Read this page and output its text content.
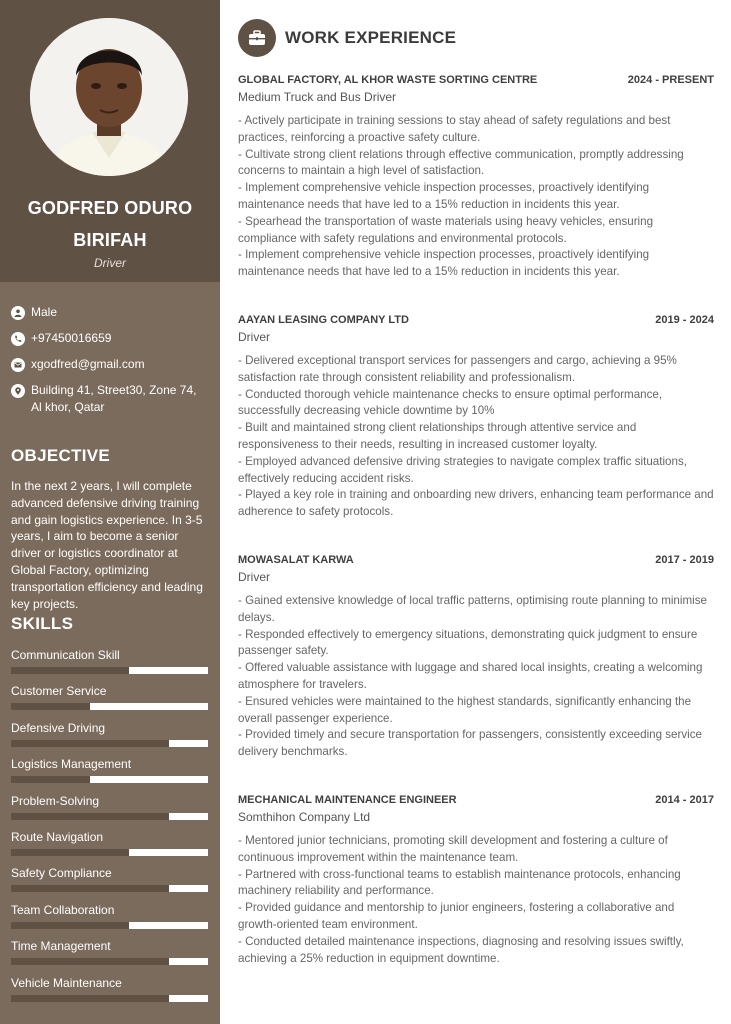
GODFRED ODURO
BIRIFAH
Driver
Male
+97450016659
xgodfred@gmail.com
Building 41, Street30, Zone 74,
Al khor, Qatar
OBJECTIVE
In the next 2 years, I will complete advanced defensive driving training and gain logistics experience. In 3-5 years, I aim to become a senior driver or logistics coordinator at Global Factory, optimizing transportation efficiency and leading key projects.
SKILLS
Communication Skill
Customer Service
Defensive Driving
Logistics Management
Problem-Solving
Route Navigation
Safety Compliance
Team Collaboration
Time Management
Vehicle Maintenance
WORK EXPERIENCE
GLOBAL FACTORY, AL KHOR WASTE SORTING CENTRE	2024 - PRESENT
Medium Truck and Bus Driver
- Actively participate in training sessions to stay ahead of safety regulations and best practices, reinforcing a proactive safety culture.
- Cultivate strong client relations through effective communication, promptly addressing concerns to maintain a high level of satisfaction.
- Implement comprehensive vehicle inspection processes, proactively identifying maintenance needs that have led to a 15% reduction in incidents this year.
- Spearhead the transportation of waste materials using heavy vehicles, ensuring compliance with safety regulations and environmental protocols.
- Implement comprehensive vehicle inspection processes, proactively identifying maintenance needs that have led to a 15% reduction in incidents this year.
AAYAN LEASING COMPANY LTD	2019 - 2024
Driver
- Delivered exceptional transport services for passengers and cargo, achieving a 95% satisfaction rate through consistent reliability and professionalism.
- Conducted thorough vehicle maintenance checks to ensure optimal performance, successfully decreasing vehicle downtime by 10%
- Built and maintained strong client relationships through attentive service and responsiveness to their needs, resulting in increased customer loyalty.
- Employed advanced defensive driving strategies to navigate complex traffic situations, effectively reducing accident risks.
- Played a key role in training and onboarding new drivers, enhancing team performance and adherence to safety protocols.
MOWASALAT KARWA	2017 - 2019
Driver
- Gained extensive knowledge of local traffic patterns, optimising route planning to minimise delays.
- Responded effectively to emergency situations, demonstrating quick judgment to ensure passenger safety.
- Offered valuable assistance with luggage and shared local insights, creating a welcoming atmosphere for travelers.
- Ensured vehicles were maintained to the highest standards, significantly enhancing the overall passenger experience.
- Provided timely and secure transportation for passengers, consistently exceeding service delivery benchmarks.
MECHANICAL MAINTENANCE ENGINEER	2014 - 2017
Somthihon Company Ltd
- Mentored junior technicians, promoting skill development and fostering a culture of continuous improvement within the maintenance team.
- Partnered with cross-functional teams to establish maintenance protocols, enhancing machinery reliability and performance.
- Provided guidance and mentorship to junior engineers, fostering a collaborative and growth-oriented team environment.
- Conducted detailed maintenance inspections, diagnosing and resolving issues swiftly, achieving a 25% reduction in equipment downtime.
